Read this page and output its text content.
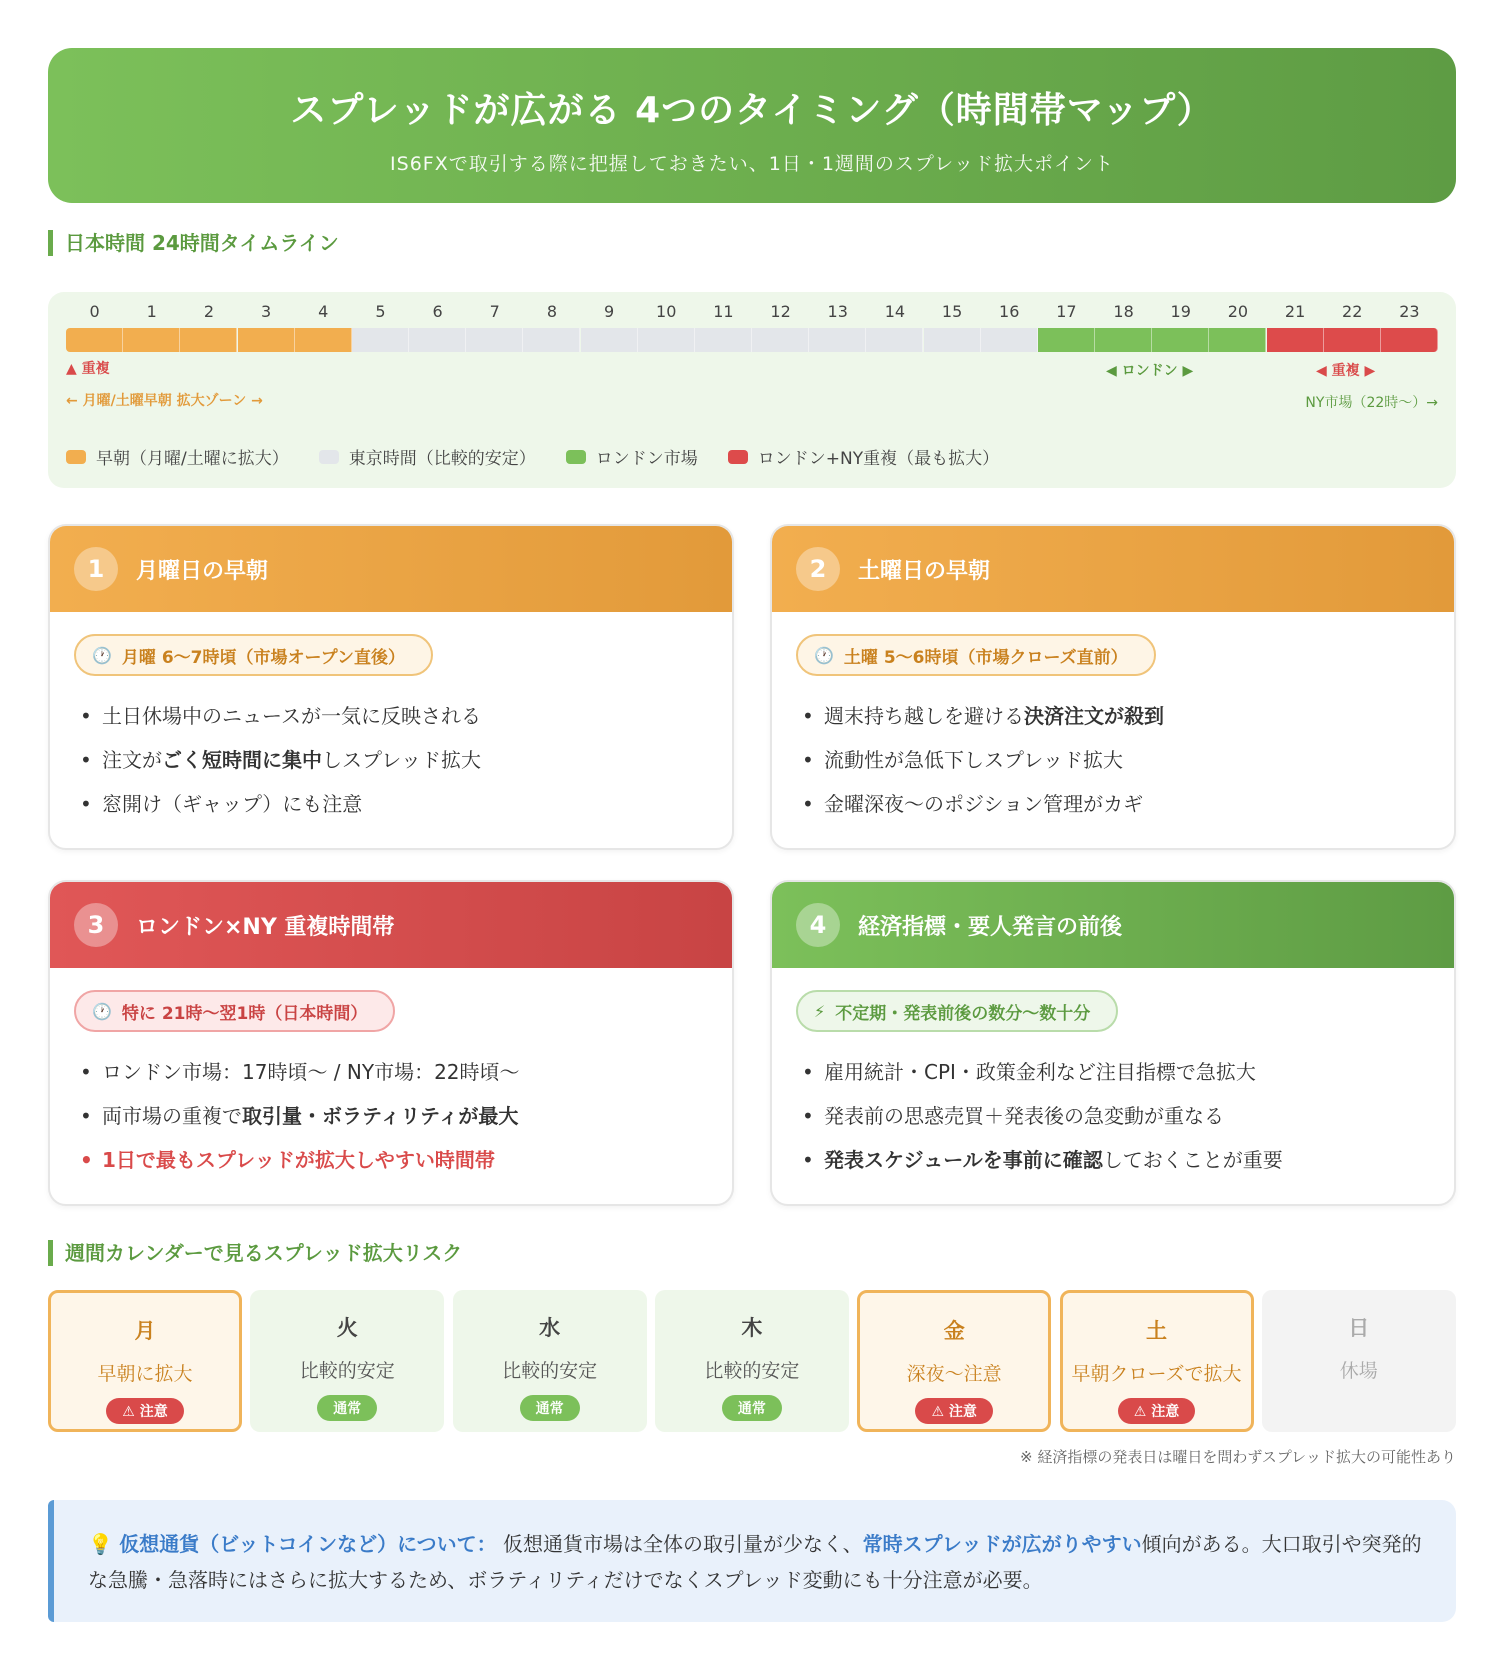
スプレッドが広がる 4つのタイミング（時間帯マップ）

IS6FXで取引する際に把握しておきたい、1日・1週間のスプレッド拡大ポイント

日本時間 24時間タイムライン
0	1	2	3	4	5	6	7	8	9	10	11	12	13	14	15	16	17	18	19	20	21	22	23
▲ 重複
← 月曜/土曜早朝 拡大ゾーン →
◀ ロンドン ▶	◀ 重複 ▶
NY市場（22時〜）→
早朝（月曜/土曜に拡大）	東京時間（比較的安定）	ロンドン市場	ロンドン+NY重複（最も拡大）
1	月曜日の早朝
🕐 月曜 6〜7時頃（市場オープン直後）
• 土日休場中のニュースが一気に反映される
• 注文がごく短時間に集中しスプレッド拡大
• 窓開け（ギャップ）にも注意
2	土曜日の早朝
🕐 土曜 5〜6時頃（市場クローズ直前）
• 週末持ち越しを避ける決済注文が殺到
• 流動性が急低下しスプレッド拡大
• 金曜深夜〜のポジション管理がカギ
3	ロンドン×NY 重複時間帯
🕐 特に 21時〜翌1時（日本時間）
• ロンドン市場：17時頃〜 / NY市場：22時頃〜
• 両市場の重複で取引量・ボラティリティが最大
• 1日で最もスプレッドが拡大しやすい時間帯
4	経済指標・要人発言の前後
⚡ 不定期・発表前後の数分〜数十分
• 雇用統計・CPI・政策金利など注目指標で急拡大
• 発表前の思惑売買＋発表後の急変動が重なる
• 発表スケジュールを事前に確認しておくことが重要
週間カレンダーで見るスプレッド拡大リスク
月
早朝に拡大
⚠ 注意
火
比較的安定
通常
水
比較的安定
通常
木
比較的安定
通常
金
深夜〜注意
⚠ 注意
土
早朝クローズで拡大
⚠ 注意
日
休場
※ 経済指標の発表日は曜日を問わずスプレッド拡大の可能性あり
💡 仮想通貨（ビットコインなど）について： 仮想通貨市場は全体の取引量が少なく、常時スプレッドが広がりやすい傾向がある。大口取引や突発的な急騰・急落時にはさらに拡大するため、ボラティリティだけでなくスプレッド変動にも十分注意が必要。
